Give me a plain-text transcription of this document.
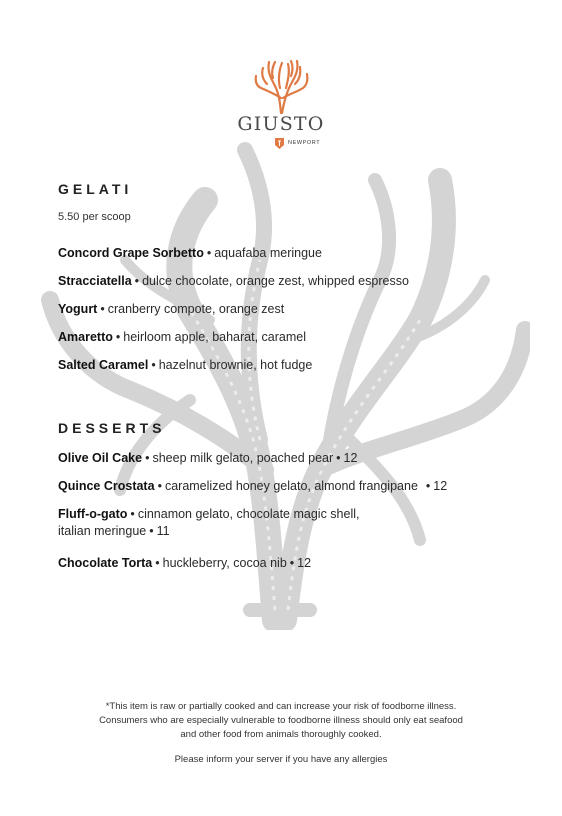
GIUSTO
NEWPORT
GELATI
5.50 per scoop
Concord Grape Sorbetto • aquafaba meringue
Stracciatella • dulce chocolate, orange zest, whipped espresso
Yogurt • cranberry compote, orange zest
Amaretto • heirloom apple, baharat, caramel
Salted Caramel • hazelnut brownie, hot fudge
DESSERTS
Olive Oil Cake • sheep milk gelato, poached pear • 12
Quince Crostata • caramelized honey gelato, almond frangipane • 12
Fluff-o-gato • cinnamon gelato, chocolate magic shell,
italian meringue • 11
Chocolate Torta • huckleberry, cocoa nib • 12

*This item is raw or partially cooked and can increase your risk of foodborne illness.

Consumers who are especially vulnerable to foodborne illness should only eat seafood

and other food from animals thoroughly cooked.

Please inform your server if you have any allergies
